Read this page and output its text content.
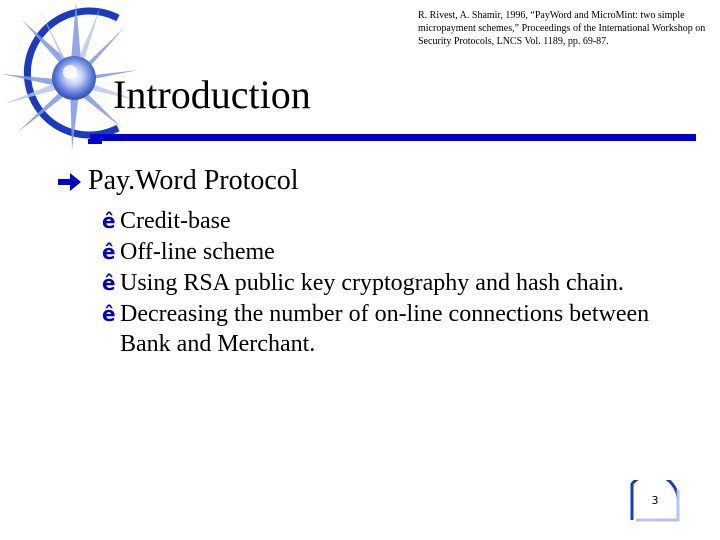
R. Rivest, A. Shamir, 1996, “PayWord and MicroMint: two simple micropayment schemes,” Proceedings of the International Workshop on Security Protocols, LNCS Vol. 1189, pp. 69-87.
Introduction
Pay.Word Protocol
ê Credit-base
ê Off-line scheme
ê Using RSA public key cryptography and hash chain.
ê Decreasing the number of on-line connections between Bank and Merchant.
3
